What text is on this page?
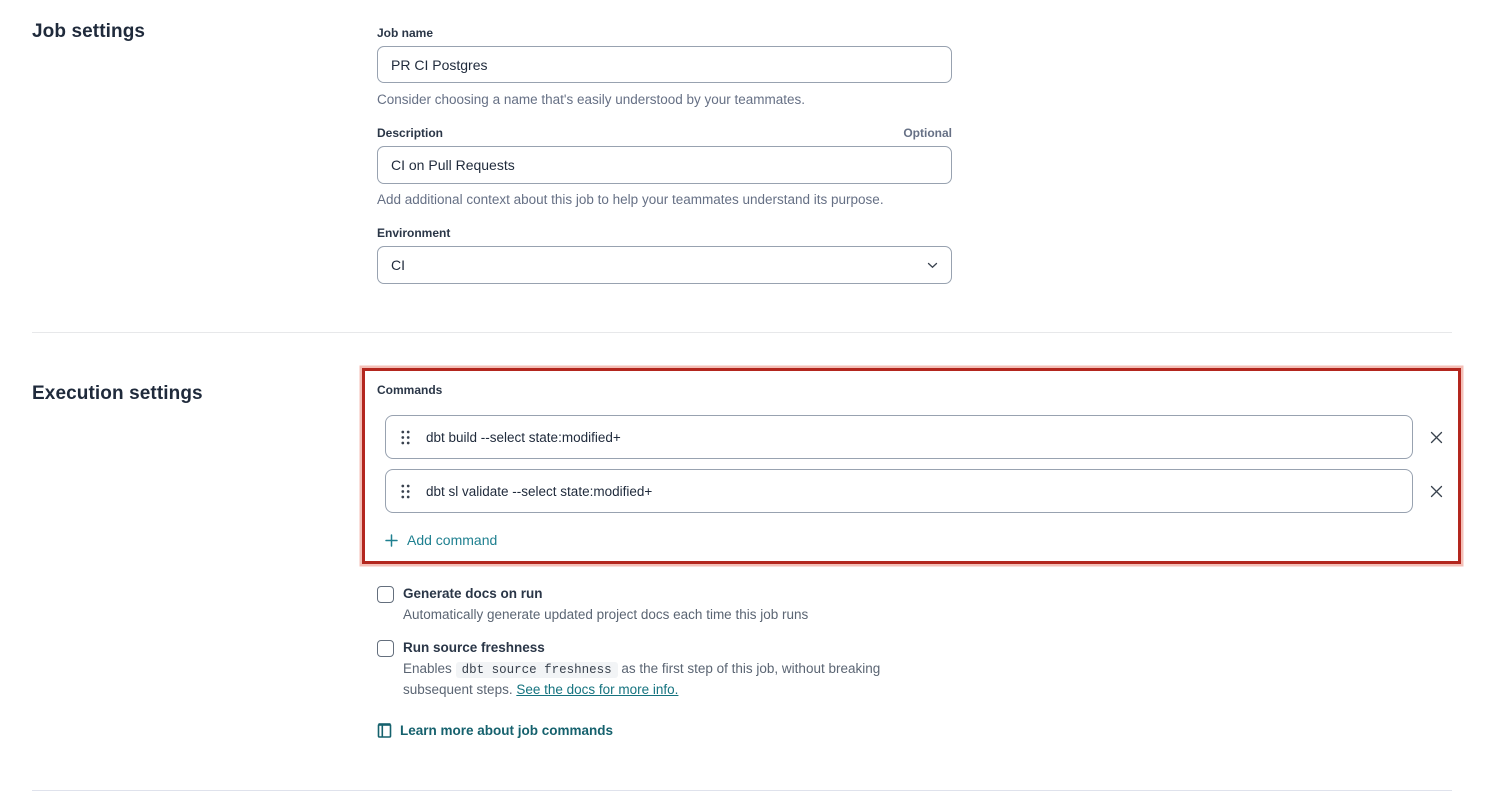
Job settings	Job name
PR CI Postgres
Consider choosing a name that's easily understood by your teammates.
Description	Optional
CI on Pull Requests
Add additional context about this job to help your teammates understand its purpose.
Environment
CI
Execution settings	Commands
dbt build --select state:modified+
dbt sl validate --select state:modified+
Add command
Generate docs on run
Automatically generate updated project docs each time this job runs
Run source freshness
Enables dbt source freshness as the first step of this job, without breaking subsequent steps. See the docs for more info.
Learn more about job commands
